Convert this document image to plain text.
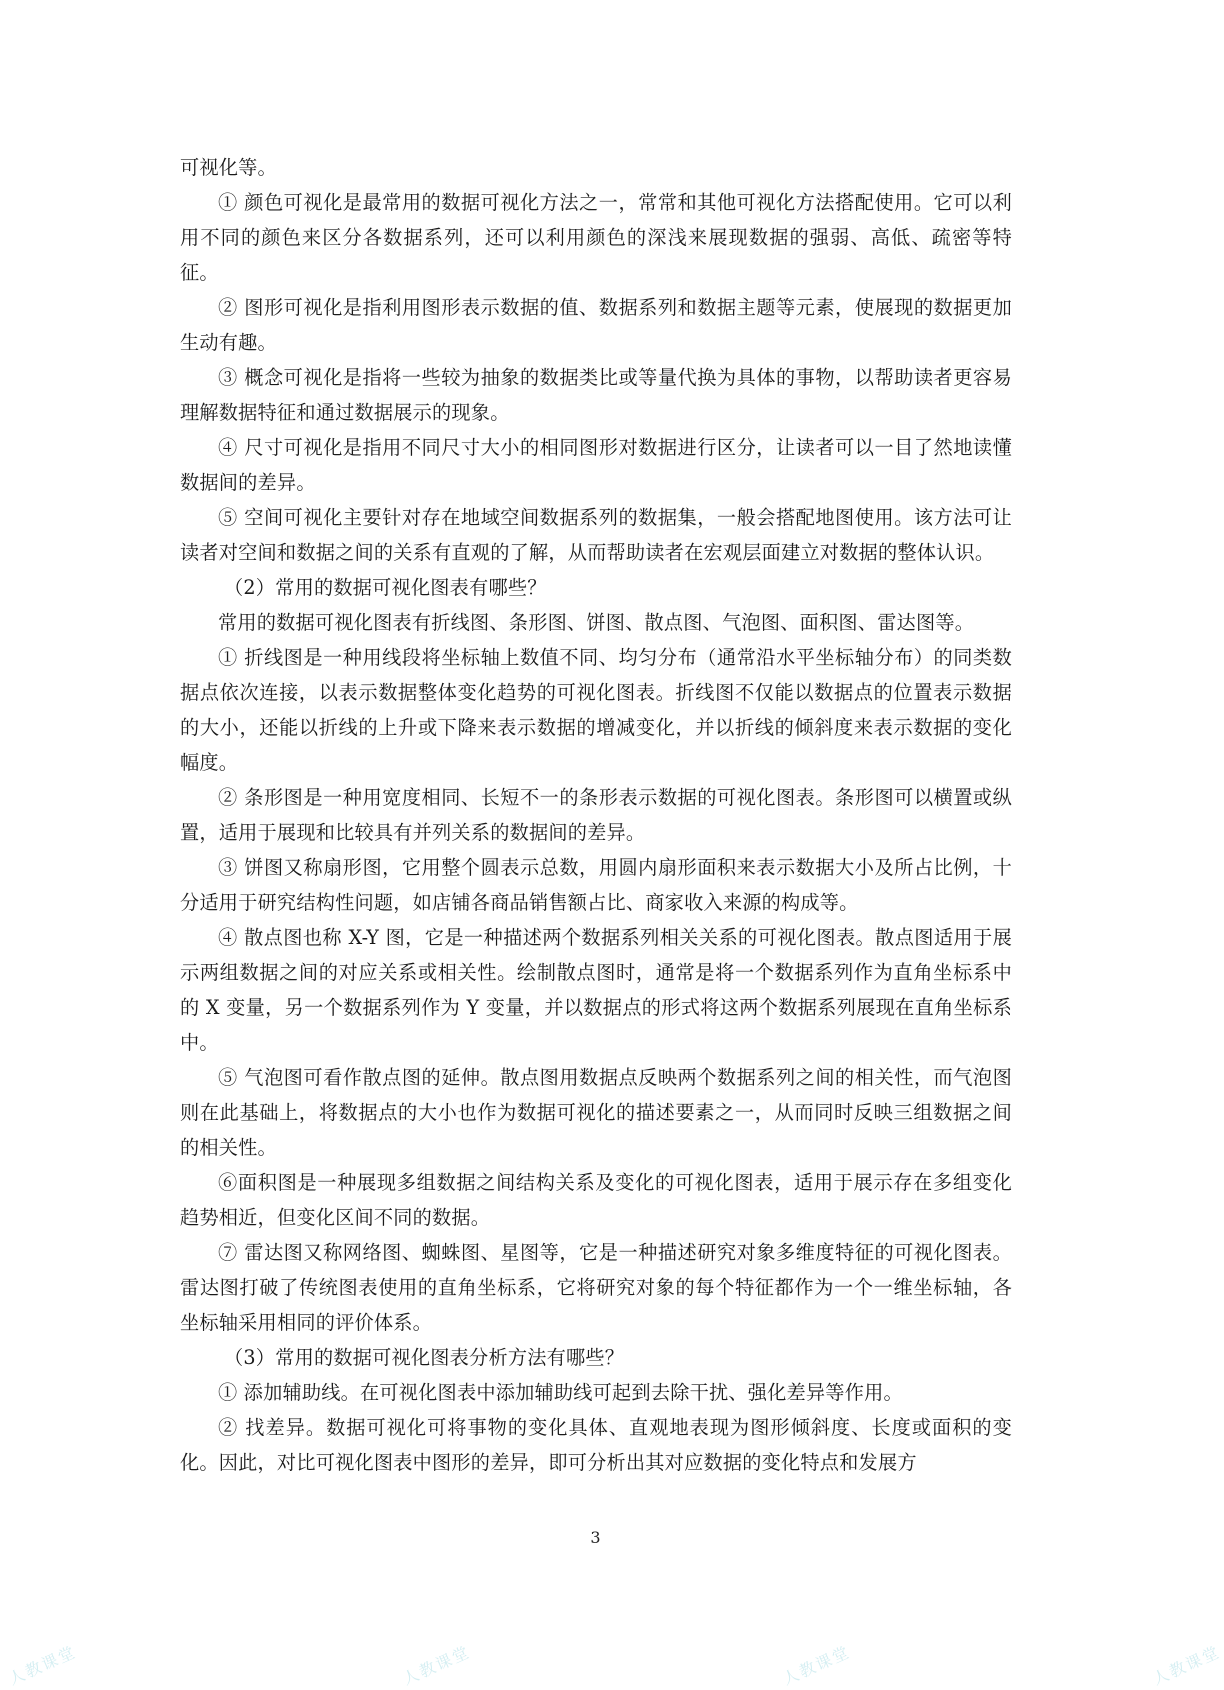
可视化等。

① 颜色可视化是最常用的数据可视化方法之一，常常和其他可视化方法搭配使用。它可以利用不同的颜色来区分各数据系列，还可以利用颜色的深浅来展现数据的强弱、高低、疏密等特征。

② 图形可视化是指利用图形表示数据的值、数据系列和数据主题等元素，使展现的数据更加生动有趣。

③ 概念可视化是指将一些较为抽象的数据类比或等量代换为具体的事物，以帮助读者更容易理解数据特征和通过数据展示的现象。

④ 尺寸可视化是指用不同尺寸大小的相同图形对数据进行区分，让读者可以一目了然地读懂数据间的差异。

⑤ 空间可视化主要针对存在地域空间数据系列的数据集，一般会搭配地图使用。该方法可让读者对空间和数据之间的关系有直观的了解，从而帮助读者在宏观层面建立对数据的整体认识。

（2）常用的数据可视化图表有哪些？

常用的数据可视化图表有折线图、条形图、饼图、散点图、气泡图、面积图、雷达图等。

① 折线图是一种用线段将坐标轴上数值不同、均匀分布（通常沿水平坐标轴分布）的同类数据点依次连接，以表示数据整体变化趋势的可视化图表。折线图不仅能以数据点的位置表示数据的大小，还能以折线的上升或下降来表示数据的增减变化，并以折线的倾斜度来表示数据的变化幅度。

② 条形图是一种用宽度相同、长短不一的条形表示数据的可视化图表。条形图可以横置或纵置，适用于展现和比较具有并列关系的数据间的差异。

③ 饼图又称扇形图，它用整个圆表示总数，用圆内扇形面积来表示数据大小及所占比例，十分适用于研究结构性问题，如店铺各商品销售额占比、商家收入来源的构成等。

④ 散点图也称 X-Y 图，它是一种描述两个数据系列相关关系的可视化图表。散点图适用于展示两组数据之间的对应关系或相关性。绘制散点图时，通常是将一个数据系列作为直角坐标系中的 X 变量，另一个数据系列作为 Y 变量，并以数据点的形式将这两个数据系列展现在直角坐标系中。

⑤ 气泡图可看作散点图的延伸。散点图用数据点反映两个数据系列之间的相关性，而气泡图则在此基础上，将数据点的大小也作为数据可视化的描述要素之一，从而同时反映三组数据之间的相关性。

⑥面积图是一种展现多组数据之间结构关系及变化的可视化图表，适用于展示存在多组变化趋势相近，但变化区间不同的数据。

⑦ 雷达图又称网络图、蜘蛛图、星图等，它是一种描述研究对象多维度特征的可视化图表。雷达图打破了传统图表使用的直角坐标系，它将研究对象的每个特征都作为一个一维坐标轴，各坐标轴采用相同的评价体系。

（3）常用的数据可视化图表分析方法有哪些？

① 添加辅助线。在可视化图表中添加辅助线可起到去除干扰、强化差异等作用。

② 找差异。数据可视化可将事物的变化具体、直观地表现为图形倾斜度、长度或面积的变化。因此，对比可视化图表中图形的差异，即可分析出其对应数据的变化特点和发展方

3
人教课堂	人教课堂	人教课堂	人教课堂
